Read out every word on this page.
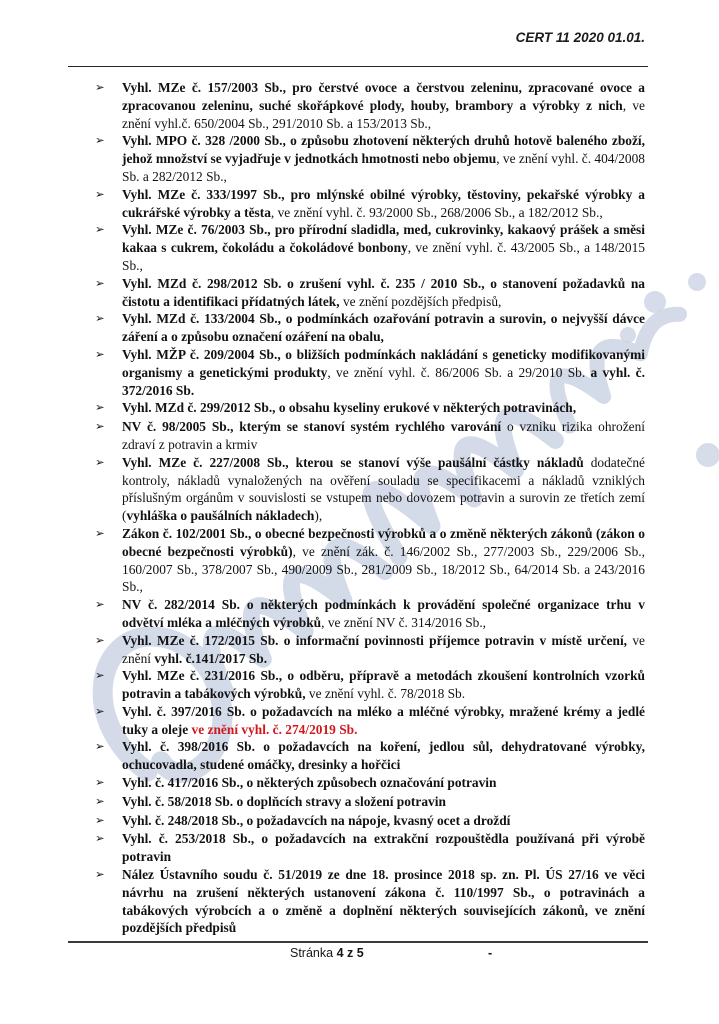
CERT 11 2020 01.01.
➢	Vyhl. MZe č. 157/2003 Sb., pro čerstvé ovoce a čerstvou zeleninu, zpracované ovoce a zpracovanou zeleninu, suché skořápkové plody, houby, brambory a výrobky z nich, ve znění vyhl.č. 650/2004 Sb., 291/2010 Sb. a 153/2013 Sb.,
➢	Vyhl. MPO č. 328 /2000 Sb., o způsobu zhotovení některých druhů hotově baleného zboží, jehož množství se vyjadřuje v jednotkách hmotnosti nebo objemu, ve znění vyhl. č. 404/2008 Sb. a 282/2012 Sb.,
➢	Vyhl. MZe č. 333/1997 Sb., pro mlýnské obilné výrobky, těstoviny, pekařské výrobky a cukrářské výrobky a těsta, ve znění vyhl. č. 93/2000 Sb., 268/2006 Sb., a 182/2012 Sb.,
➢	Vyhl. MZe č. 76/2003 Sb., pro přírodní sladidla, med, cukrovinky, kakaový prášek a směsi kakaa s cukrem, čokoládu a čokoládové bonbony, ve znění vyhl. č. 43/2005 Sb., a 148/2015 Sb.,
➢	Vyhl. MZd č. 298/2012 Sb. o zrušení vyhl. č. 235 / 2010 Sb., o stanovení požadavků na čistotu a identifikaci přídatných látek, ve znění pozdějších předpisů,
➢	Vyhl. MZd č. 133/2004 Sb., o podmínkách ozařování potravin a surovin, o nejvyšší dávce záření a o způsobu označení ozáření na obalu,
➢	Vyhl. MŽP č. 209/2004 Sb., o bližších podmínkách nakládání s geneticky modifikovanými organismy a genetickými produkty, ve znění vyhl. č. 86/2006 Sb. a 29/2010 Sb. a vyhl. č. 372/2016 Sb.
➢	Vyhl. MZd č. 299/2012 Sb., o obsahu kyseliny erukové v některých potravinách,
➢	NV č. 98/2005 Sb., kterým se stanoví systém rychlého varování o vzniku rizika ohrožení zdraví z potravin a krmiv
➢	Vyhl. MZe č. 227/2008 Sb., kterou se stanoví výše paušální částky nákladů dodatečné kontroly, nákladů vynaložených na ověření souladu se specifikacemi a nákladů vzniklých příslušným orgánům v souvislosti se vstupem nebo dovozem potravin a surovin ze třetích zemí (vyhláška o paušálních nákladech),
➢	Zákon č. 102/2001 Sb., o obecné bezpečnosti výrobků a o změně některých zákonů (zákon o obecné bezpečnosti výrobků), ve znění zák. č. 146/2002 Sb., 277/2003 Sb., 229/2006 Sb., 160/2007 Sb., 378/2007 Sb., 490/2009 Sb., 281/2009 Sb., 18/2012 Sb., 64/2014 Sb. a 243/2016 Sb.,
➢	NV č. 282/2014 Sb. o některých podmínkách k provádění společné organizace trhu v odvětví mléka a mléčných výrobků, ve znění NV č. 314/2016 Sb.,
➢	Vyhl. MZe č. 172/2015 Sb. o informační povinnosti příjemce potravin v místě určení, ve znění vyhl. č.141/2017 Sb.
➢	Vyhl. MZe č. 231/2016 Sb., o odběru, přípravě a metodách zkoušení kontrolních vzorků potravin a tabákových výrobků, ve znění vyhl. č. 78/2018 Sb.
➢	Vyhl. č. 397/2016 Sb. o požadavcích na mléko a mléčné výrobky, mražené krémy a jedlé tuky a oleje ve znění vyhl. č. 274/2019 Sb.
➢	Vyhl. č. 398/2016 Sb. o požadavcích na koření, jedlou sůl, dehydratované výrobky, ochucovadla, studené omáčky, dresinky a hořčici
➢	Vyhl. č. 417/2016 Sb., o některých způsobech označování potravin
➢	Vyhl. č. 58/2018 Sb. o doplňcích stravy a složení potravin
➢	Vyhl. č. 248/2018 Sb., o požadavcích na nápoje, kvasný ocet a droždí
➢	Vyhl. č. 253/2018 Sb., o požadavcích na extrakční rozpouštědla používaná při výrobě potravin
➢	Nález Ústavního soudu č. 51/2019 ze dne 18. prosince 2018 sp. zn. Pl. ÚS 27/16 ve věci návrhu na zrušení některých ustanovení zákona č. 110/1997 Sb., o potravinách a tabákových výrobcích a o změně a doplnění některých souvisejících zákonů, ve znění pozdějších předpisů
Stránka 4 z 5	-
